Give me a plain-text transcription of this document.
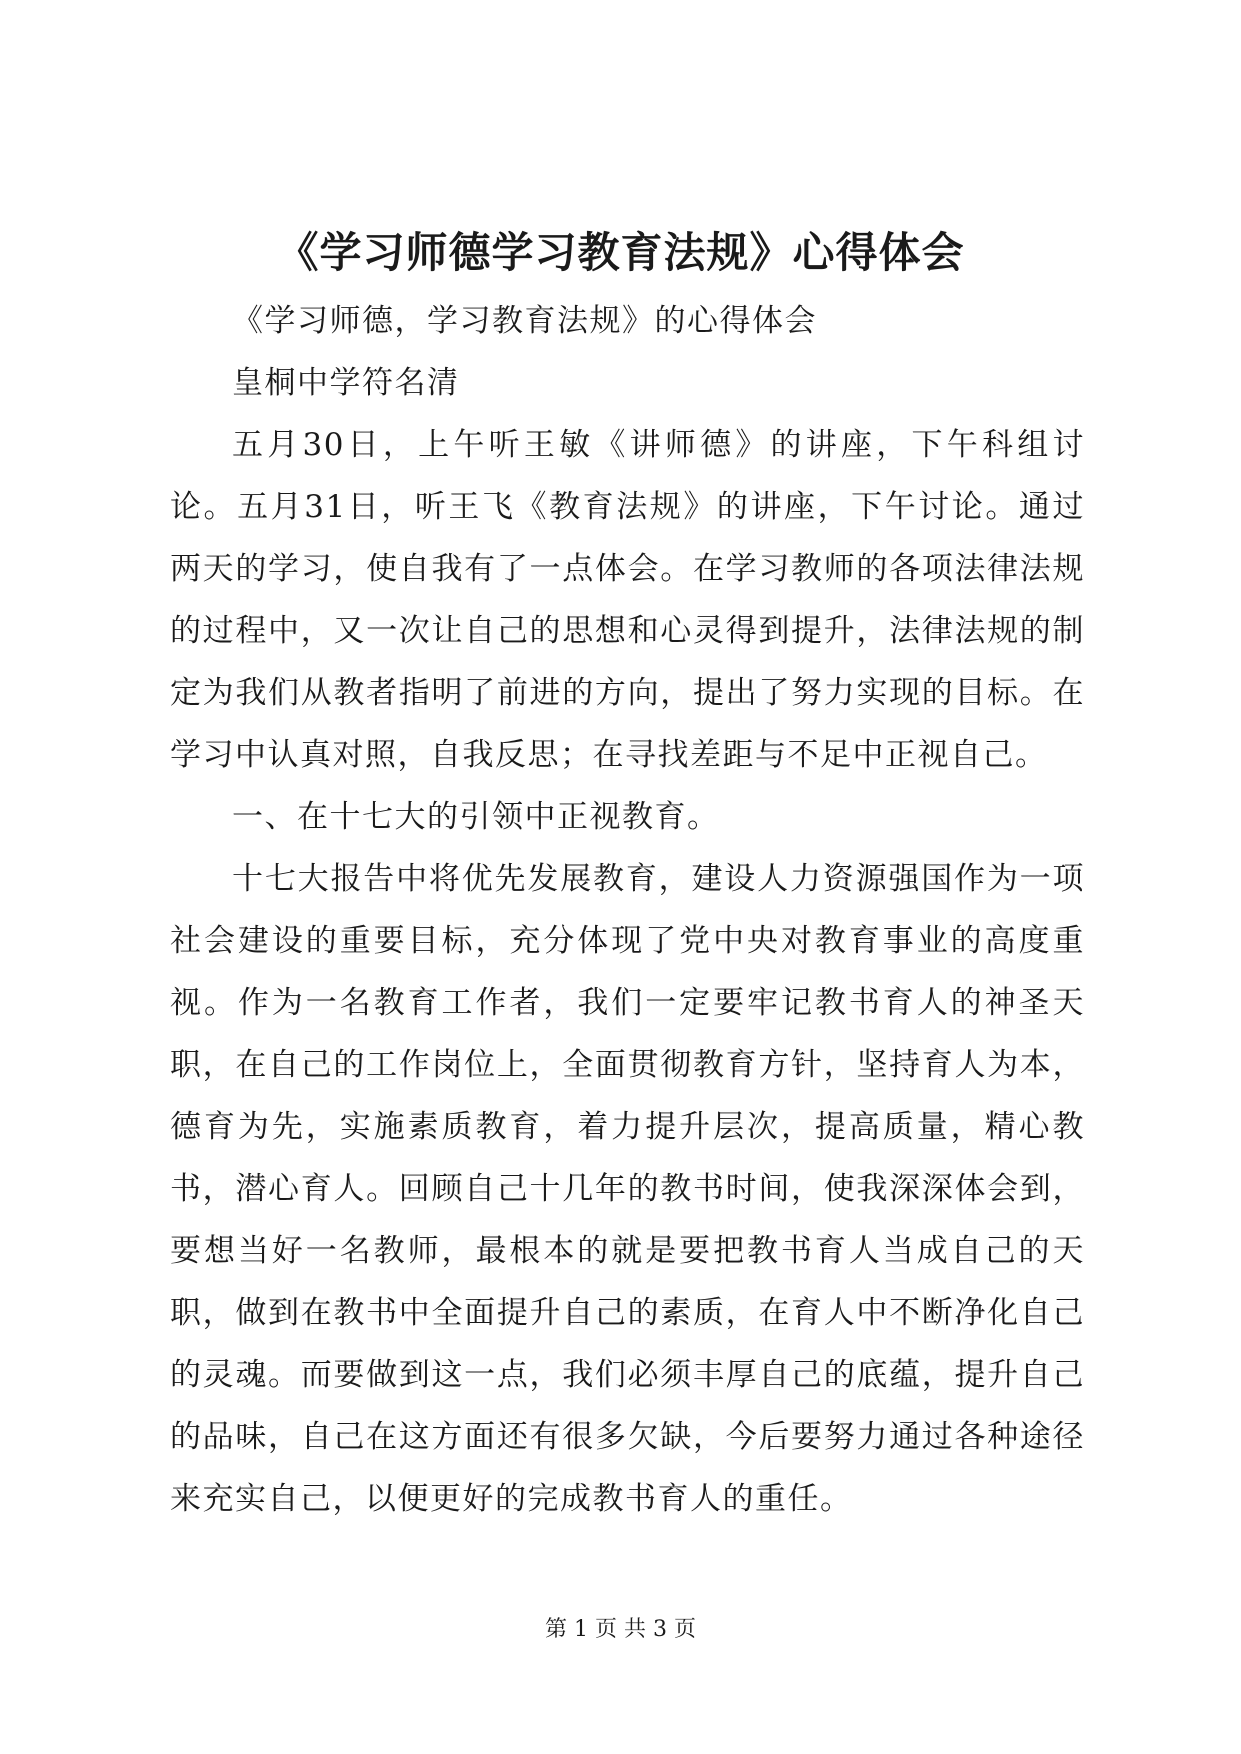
《学习师德学习教育法规》心得体会

《学习师德，学习教育法规》的心得体会

皇桐中学符名清

五月30日，上午听王敏《讲师德》的讲座，下午科组讨论。五月31日，听王飞《教育法规》的讲座，下午讨论。通过两天的学习，使自我有了一点体会。在学习教师的各项法律法规的过程中，又一次让自己的思想和心灵得到提升，法律法规的制定为我们从教者指明了前进的方向，提出了努力实现的目标。在学习中认真对照，自我反思；在寻找差距与不足中正视自己。

一、在十七大的引领中正视教育。

十七大报告中将优先发展教育，建设人力资源强国作为一项社会建设的重要目标，充分体现了党中央对教育事业的高度重视。作为一名教育工作者，我们一定要牢记教书育人的神圣天职，在自己的工作岗位上，全面贯彻教育方针，坚持育人为本，德育为先，实施素质教育，着力提升层次，提高质量，精心教书，潜心育人。回顾自己十几年的教书时间，使我深深体会到，要想当好一名教师，最根本的就是要把教书育人当成自己的天职，做到在教书中全面提升自己的素质，在育人中不断净化自己的灵魂。而要做到这一点，我们必须丰厚自己的底蕴，提升自己的品味，自己在这方面还有很多欠缺，今后要努力通过各种途径来充实自己，以便更好的完成教书育人的重任。

第 1 页 共 3 页
